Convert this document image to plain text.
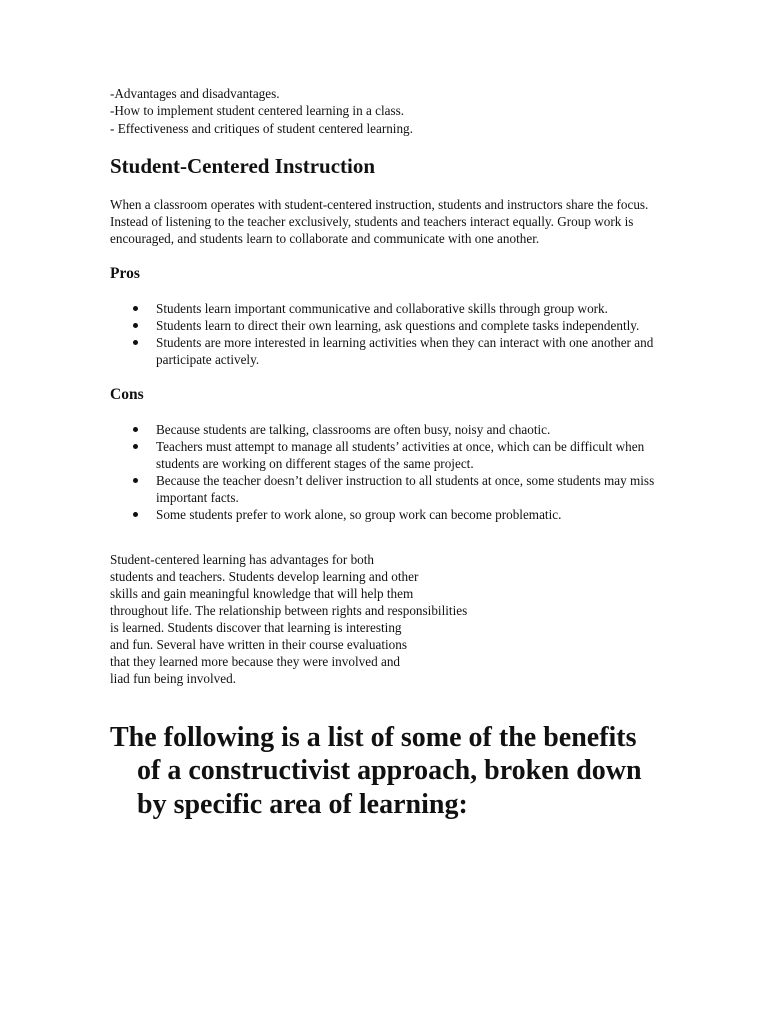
-Advantages and disadvantages.

-How to implement student centered learning in a class.

- Effectiveness and critiques of student centered learning.

Student-Centered Instruction

When a classroom operates with student-centered instruction, students and instructors share the focus. Instead of listening to the teacher exclusively, students and teachers interact equally. Group work is encouraged, and students learn to collaborate and communicate with one another.

Pros
Students learn important communicative and collaborative skills through group work.
Students learn to direct their own learning, ask questions and complete tasks independently.
Students are more interested in learning activities when they can interact with one another and participate actively.
Cons
Because students are talking, classrooms are often busy, noisy and chaotic.
Teachers must attempt to manage all students’ activities at once, which can be difficult when students are working on different stages of the same project.
Because the teacher doesn’t deliver instruction to all students at once, some students may miss important facts.
Some students prefer to work alone, so group work can become problematic.

Student-centered learning has advantages for both

students and teachers. Students develop learning and other

skills and gain meaningful knowledge that will help them

throughout life. The relationship between rights and responsibilities

is learned. Students discover that learning is interesting

and fun. Several have written in their course evaluations

that they learned more because they were involved and

liad fun being involved.

The following is a list of some of the benefits of a constructivist approach, broken down by specific area of learning:
